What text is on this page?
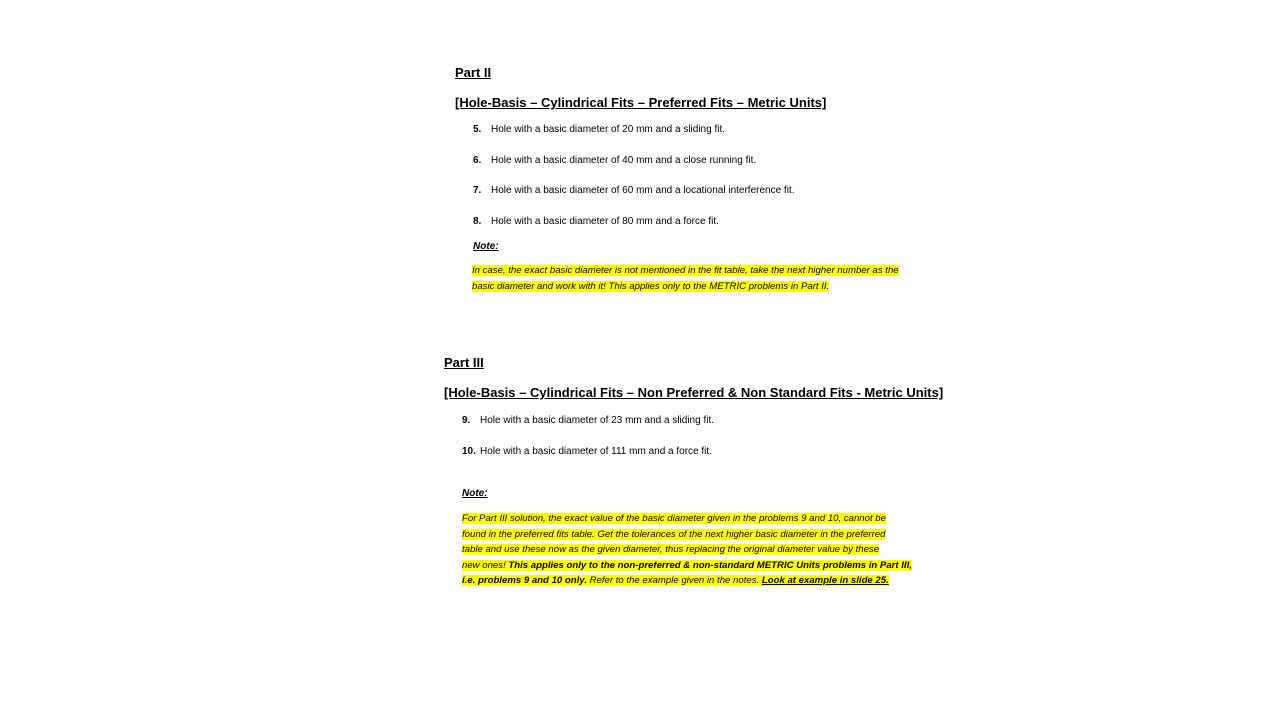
Part II
[Hole-Basis – Cylindrical Fits – Preferred Fits – Metric Units]
5. Hole with a basic diameter of 20 mm and a sliding fit.
6. Hole with a basic diameter of 40 mm and a close running fit.
7. Hole with a basic diameter of 60 mm and a locational interference fit.
8. Hole with a basic diameter of 80 mm and a force fit.
Note:
In case, the exact basic diameter is not mentioned in the fit table, take the next higher number as the
basic diameter and work with it! This applies only to the METRIC problems in Part II.
Part III
[Hole-Basis – Cylindrical Fits – Non Preferred & Non Standard Fits - Metric Units]
9. Hole with a basic diameter of 23 mm and a sliding fit.
10. Hole with a basic diameter of 111 mm and a force fit.
Note:
For Part III solution, the exact value of the basic diameter given in the problems 9 and 10, cannot be
found in the preferred fits table. Get the tolerances of the next higher basic diameter in the preferred
table and use these now as the given diameter, thus replacing the original diameter value by these
new ones! This applies only to the non-preferred & non-standard METRIC Units problems in Part III,
i.e. problems 9 and 10 only. Refer to the example given in the notes. Look at example in slide 25.
